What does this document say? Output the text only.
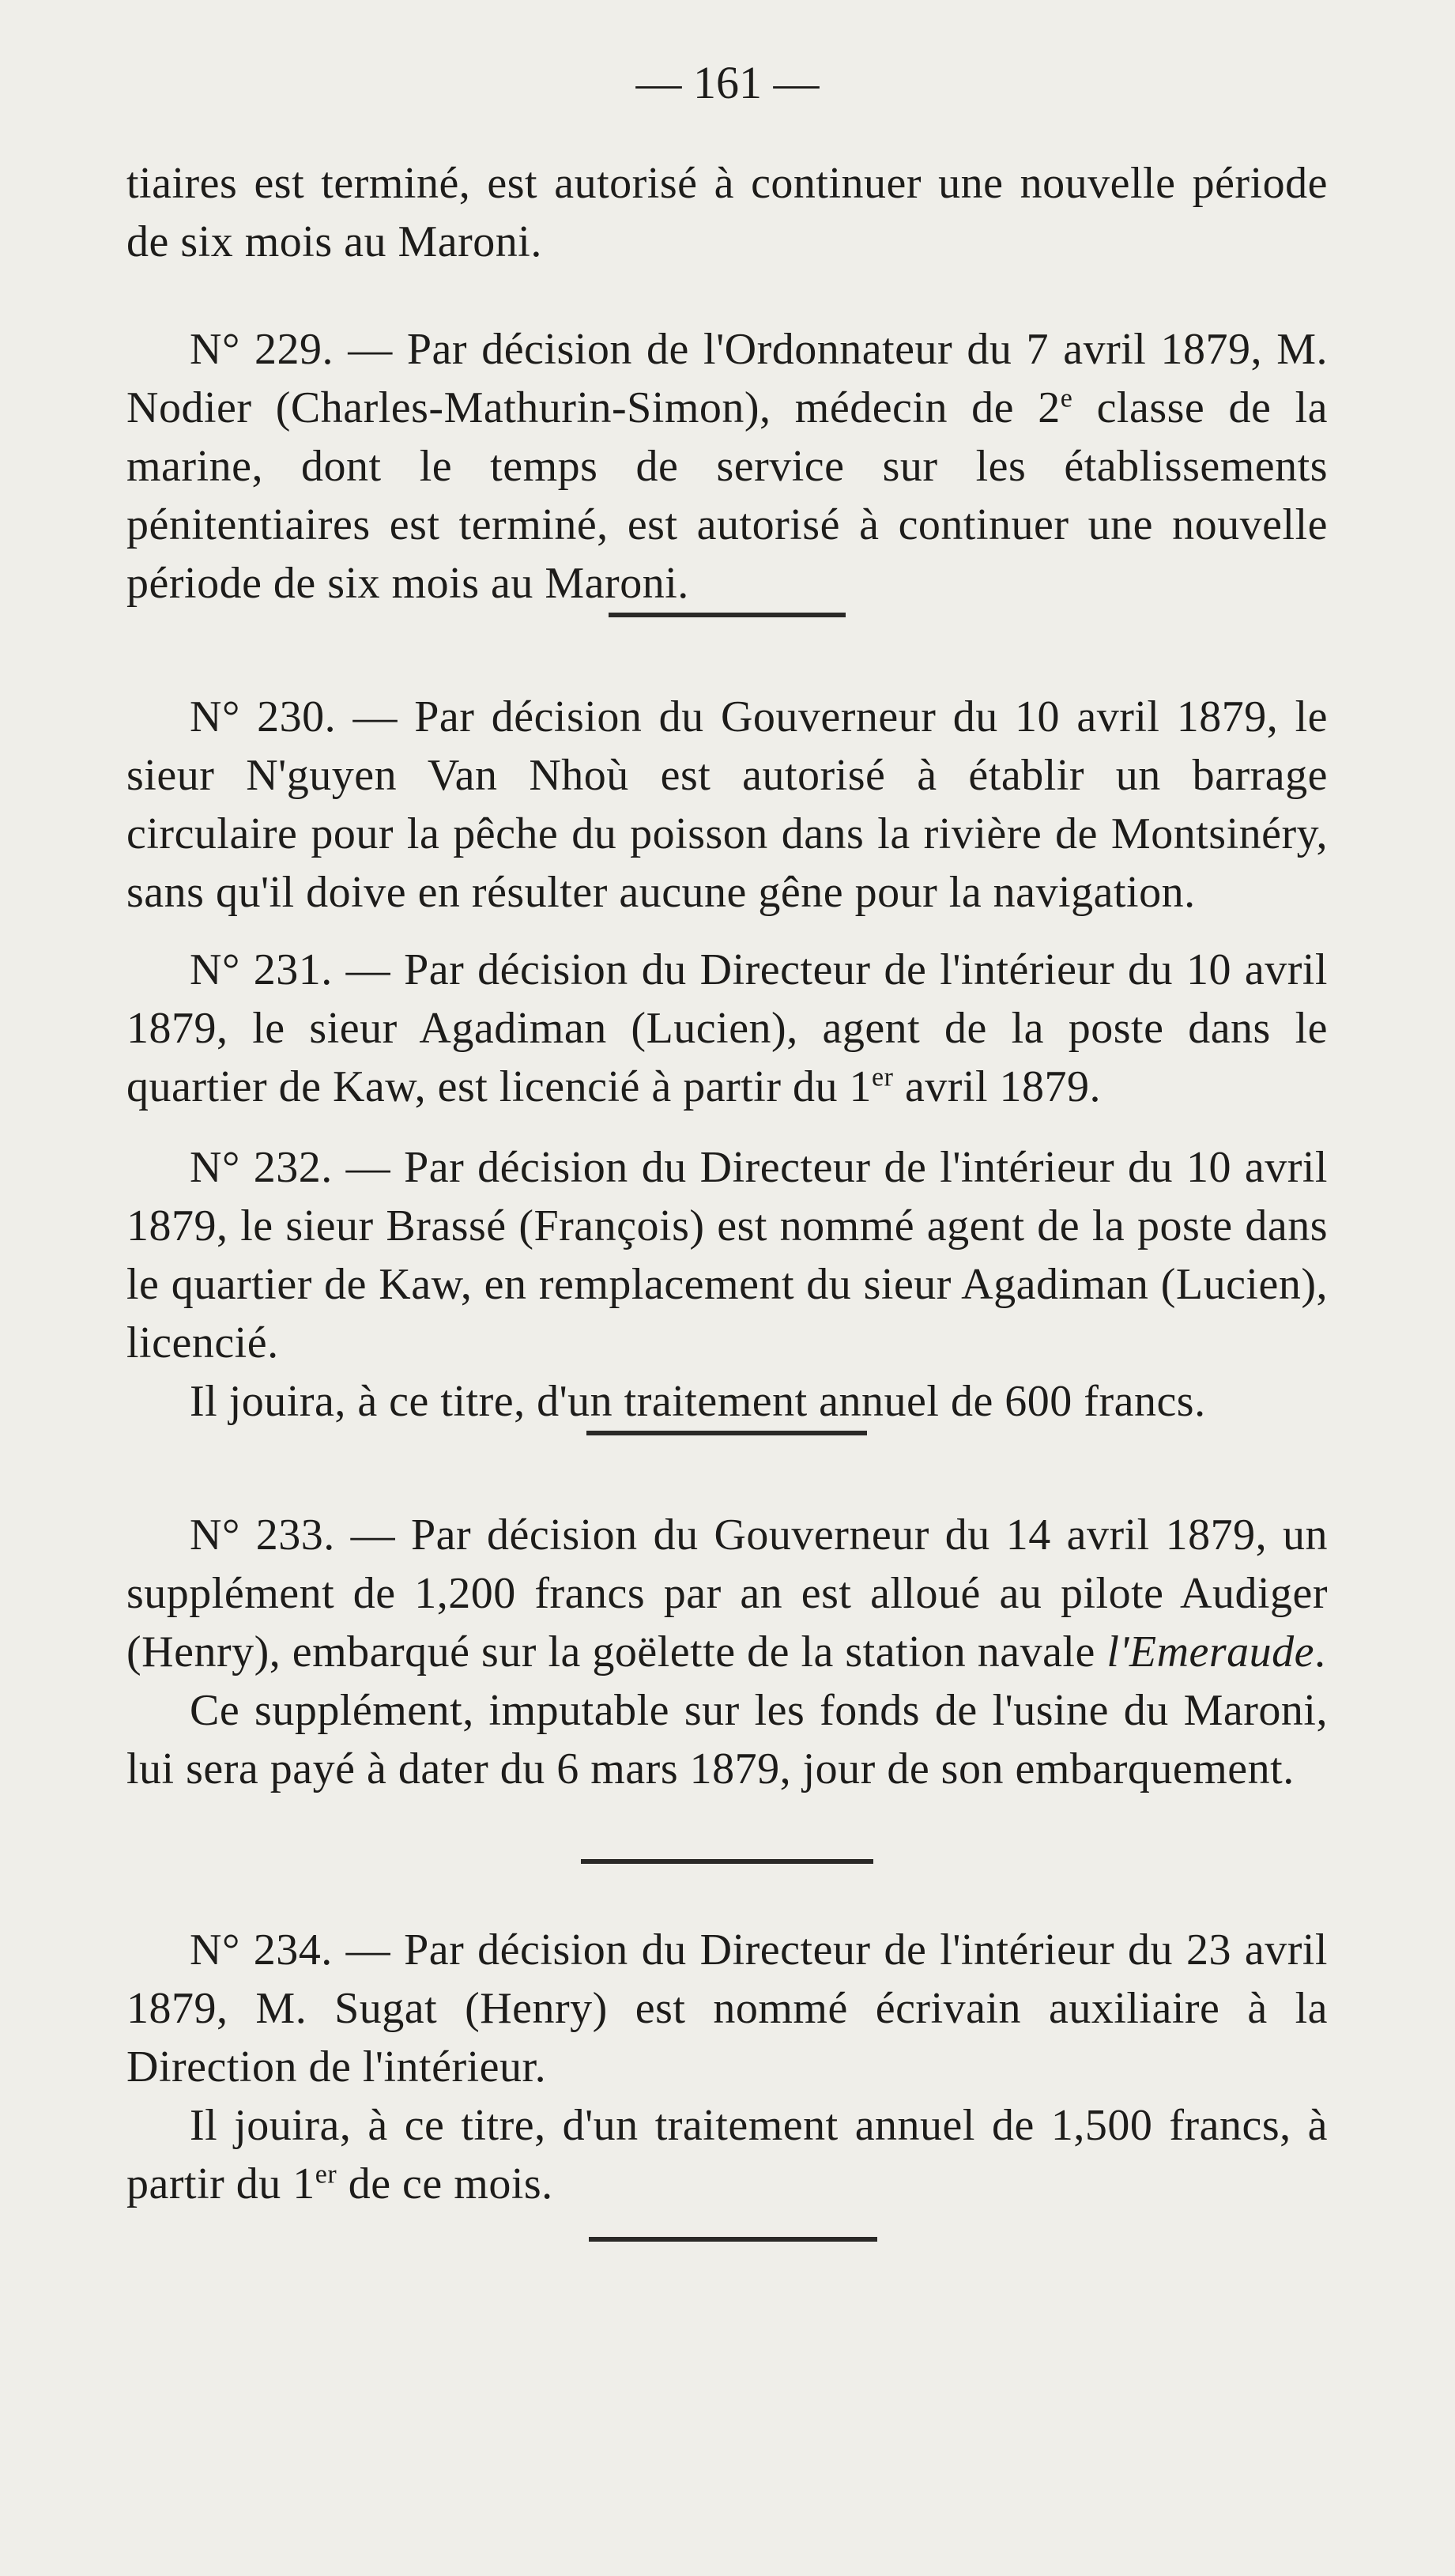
— 161 —

tiaires est terminé, est autorisé à continuer une nouvelle période de six mois au Maroni.

N° 229. — Par décision de l'Ordonnateur du 7 avril 1879, M. Nodier (Charles-Mathurin-Simon), médecin de 2e classe de la marine, dont le temps de service sur les établissements pénitentiaires est terminé, est autorisé à continuer une nouvelle période de six mois au Maroni.

N° 230. — Par décision du Gouverneur du 10 avril 1879, le sieur N'guyen Van Nhoù est autorisé à établir un barrage circulaire pour la pêche du poisson dans la rivière de Montsinéry, sans qu'il doive en résulter aucune gêne pour la navigation.

N° 231. — Par décision du Directeur de l'intérieur du 10 avril 1879, le sieur Agadiman (Lucien), agent de la poste dans le quartier de Kaw, est licencié à partir du 1er avril 1879.

N° 232. — Par décision du Directeur de l'intérieur du 10 avril 1879, le sieur Brassé (François) est nommé agent de la poste dans le quartier de Kaw, en remplacement du sieur Agadiman (Lucien), licencié.

Il jouira, à ce titre, d'un traitement annuel de 600 francs.

N° 233. — Par décision du Gouverneur du 14 avril 1879, un supplément de 1,200 francs par an est alloué au pilote Audiger (Henry), embarqué sur la goëlette de la station navale l'Emeraude.

Ce supplément, imputable sur les fonds de l'usine du Maroni, lui sera payé à dater du 6 mars 1879, jour de son embarquement.

N° 234. — Par décision du Directeur de l'intérieur du 23 avril 1879, M. Sugat (Henry) est nommé écrivain auxiliaire à la Direction de l'intérieur.

Il jouira, à ce titre, d'un traitement annuel de 1,500 francs, à partir du 1er de ce mois.
